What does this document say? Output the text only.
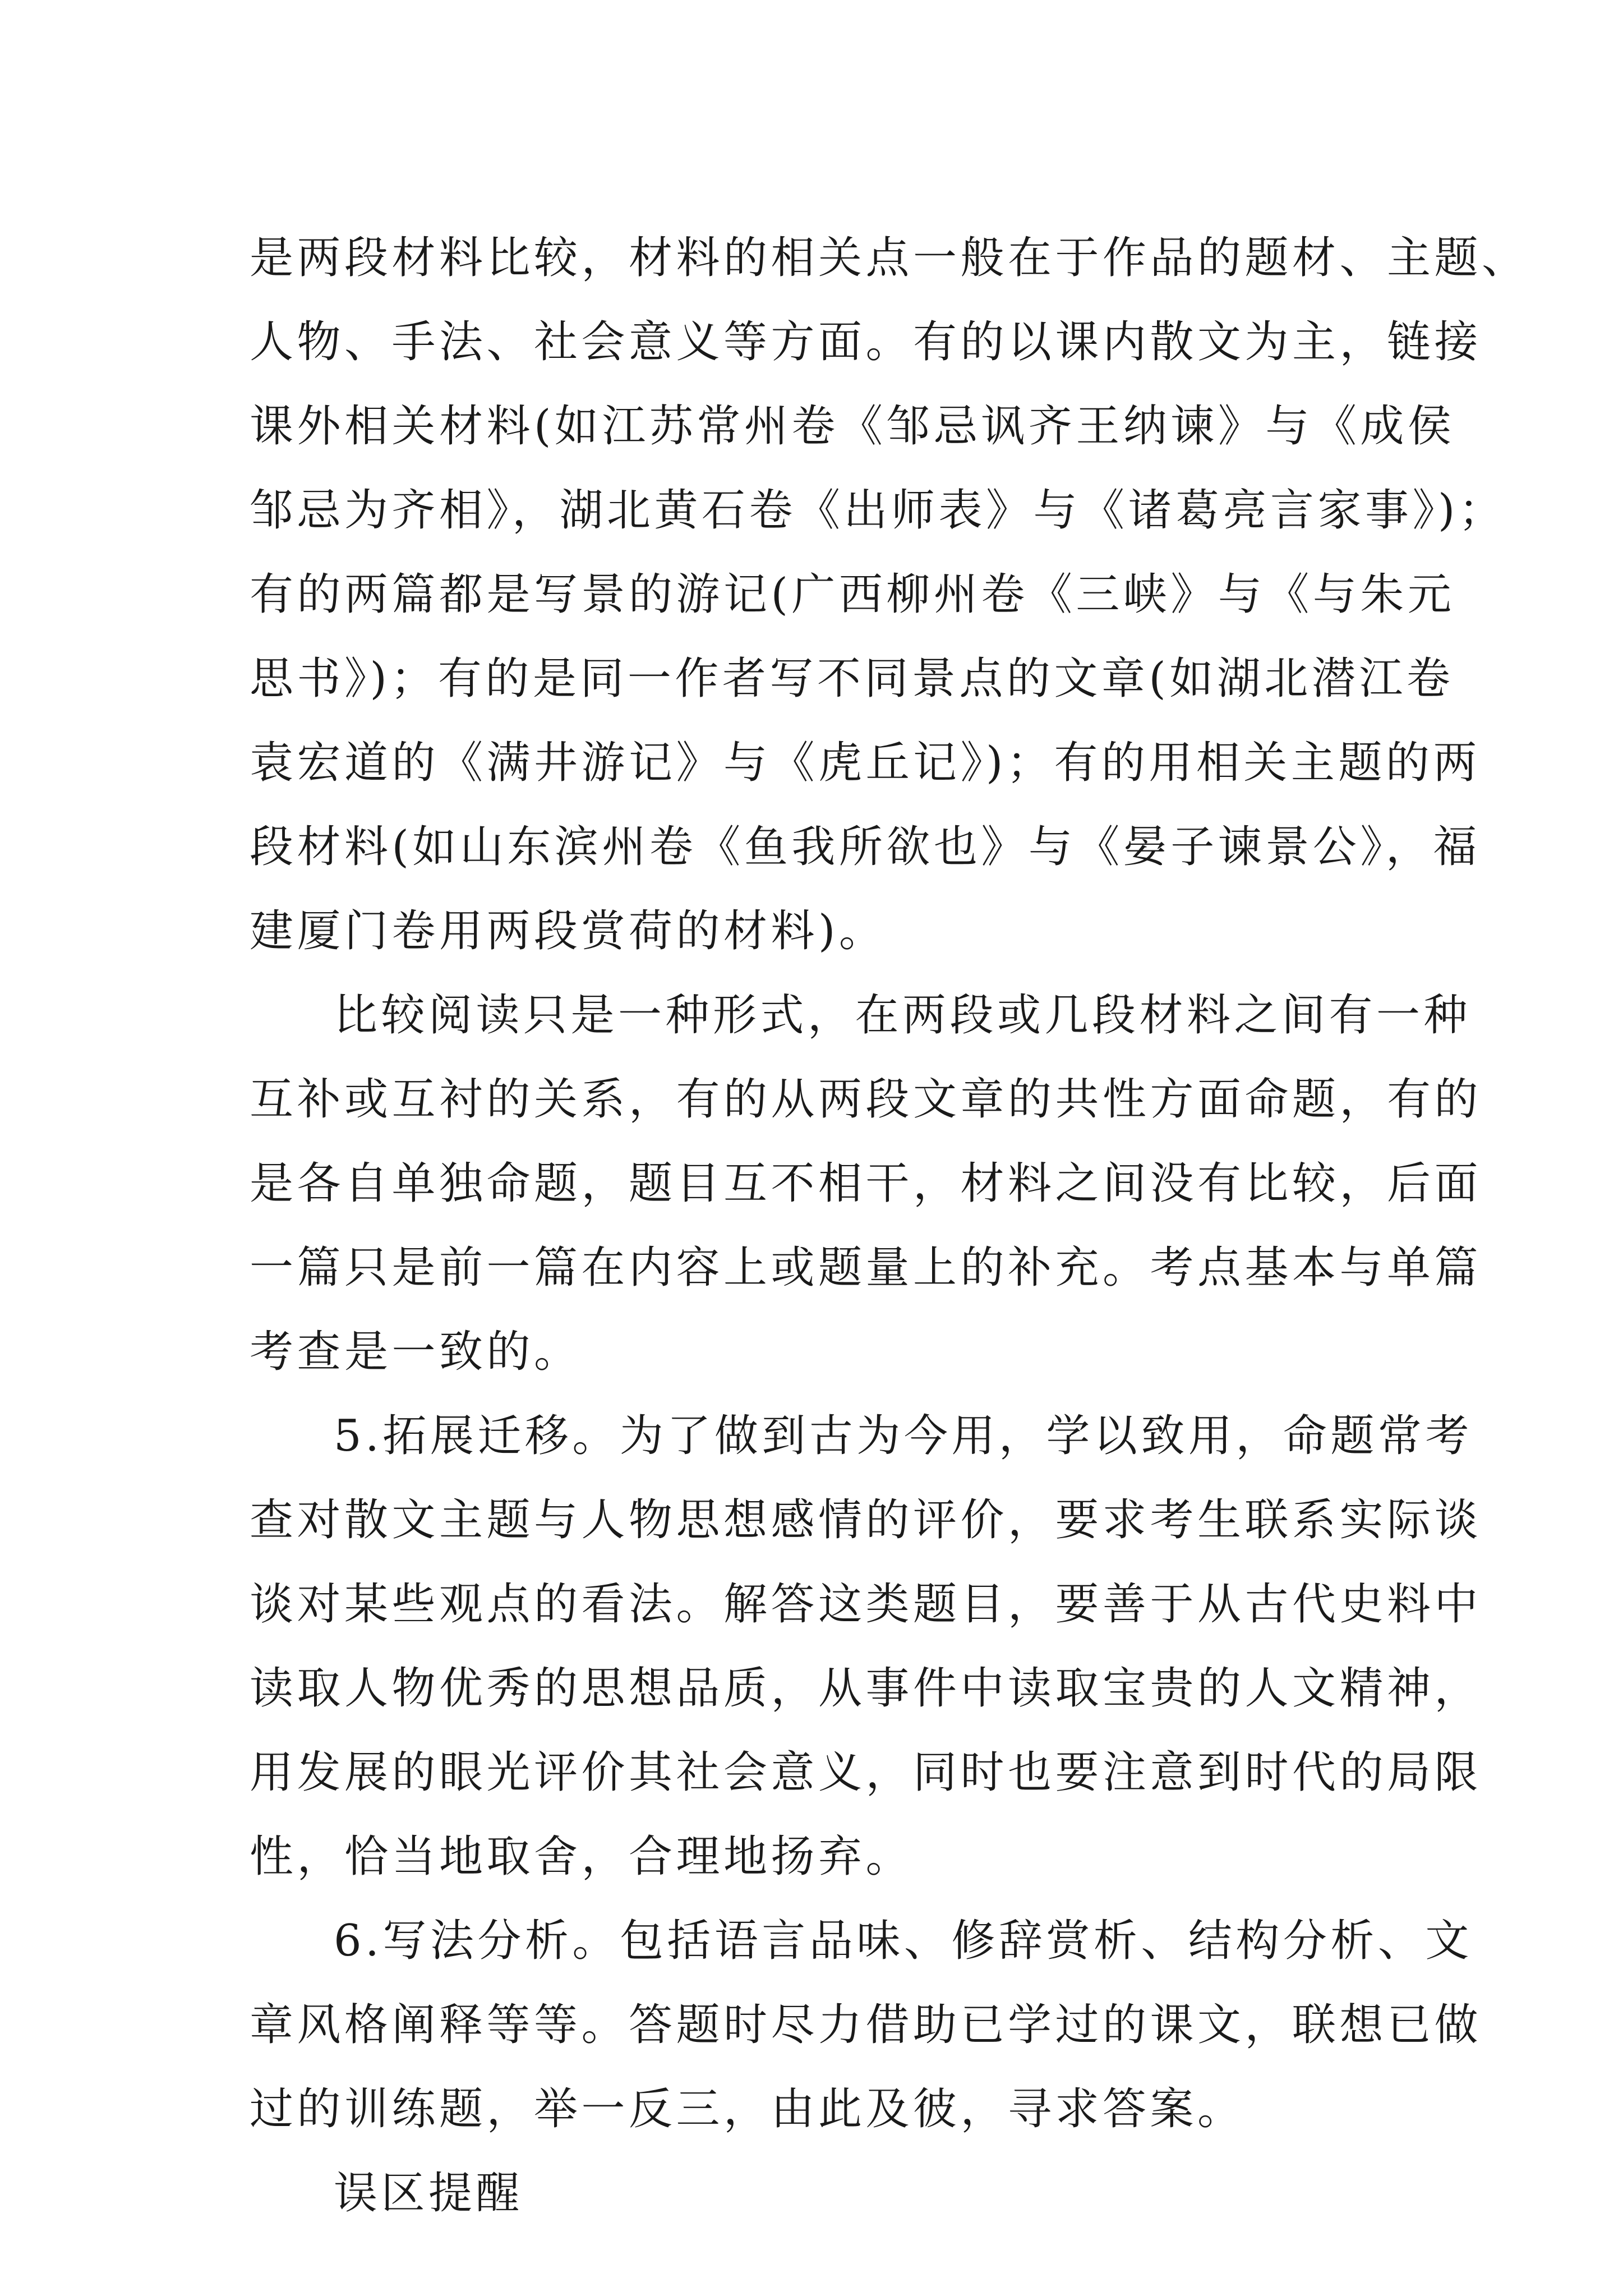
是两段材料比较，材料的相关点一般在于作品的题材、主题、
人物、手法、社会意义等方面。有的以课内散文为主，链接
课外相关材料(如江苏常州卷《邹忌讽齐王纳谏》与《成侯
邹忌为齐相》，湖北黄石卷《出师表》与《诸葛亮言家事》)；
有的两篇都是写景的游记(广西柳州卷《三峡》与《与朱元
思书》)；有的是同一作者写不同景点的文章(如湖北潜江卷
袁宏道的《满井游记》与《虎丘记》)；有的用相关主题的两
段材料(如山东滨州卷《鱼我所欲也》与《晏子谏景公》，福
建厦门卷用两段赏荷的材料)。
比较阅读只是一种形式，在两段或几段材料之间有一种
互补或互衬的关系，有的从两段文章的共性方面命题，有的
是各自单独命题，题目互不相干，材料之间没有比较，后面
一篇只是前一篇在内容上或题量上的补充。考点基本与单篇
考查是一致的。
5.拓展迁移。为了做到古为今用，学以致用，命题常考
查对散文主题与人物思想感情的评价，要求考生联系实际谈
谈对某些观点的看法。解答这类题目，要善于从古代史料中
读取人物优秀的思想品质，从事件中读取宝贵的人文精神，
用发展的眼光评价其社会意义，同时也要注意到时代的局限
性，恰当地取舍，合理地扬弃。
6.写法分析。包括语言品味、修辞赏析、结构分析、文
章风格阐释等等。答题时尽力借助已学过的课文，联想已做
过的训练题，举一反三，由此及彼，寻求答案。
误区提醒
